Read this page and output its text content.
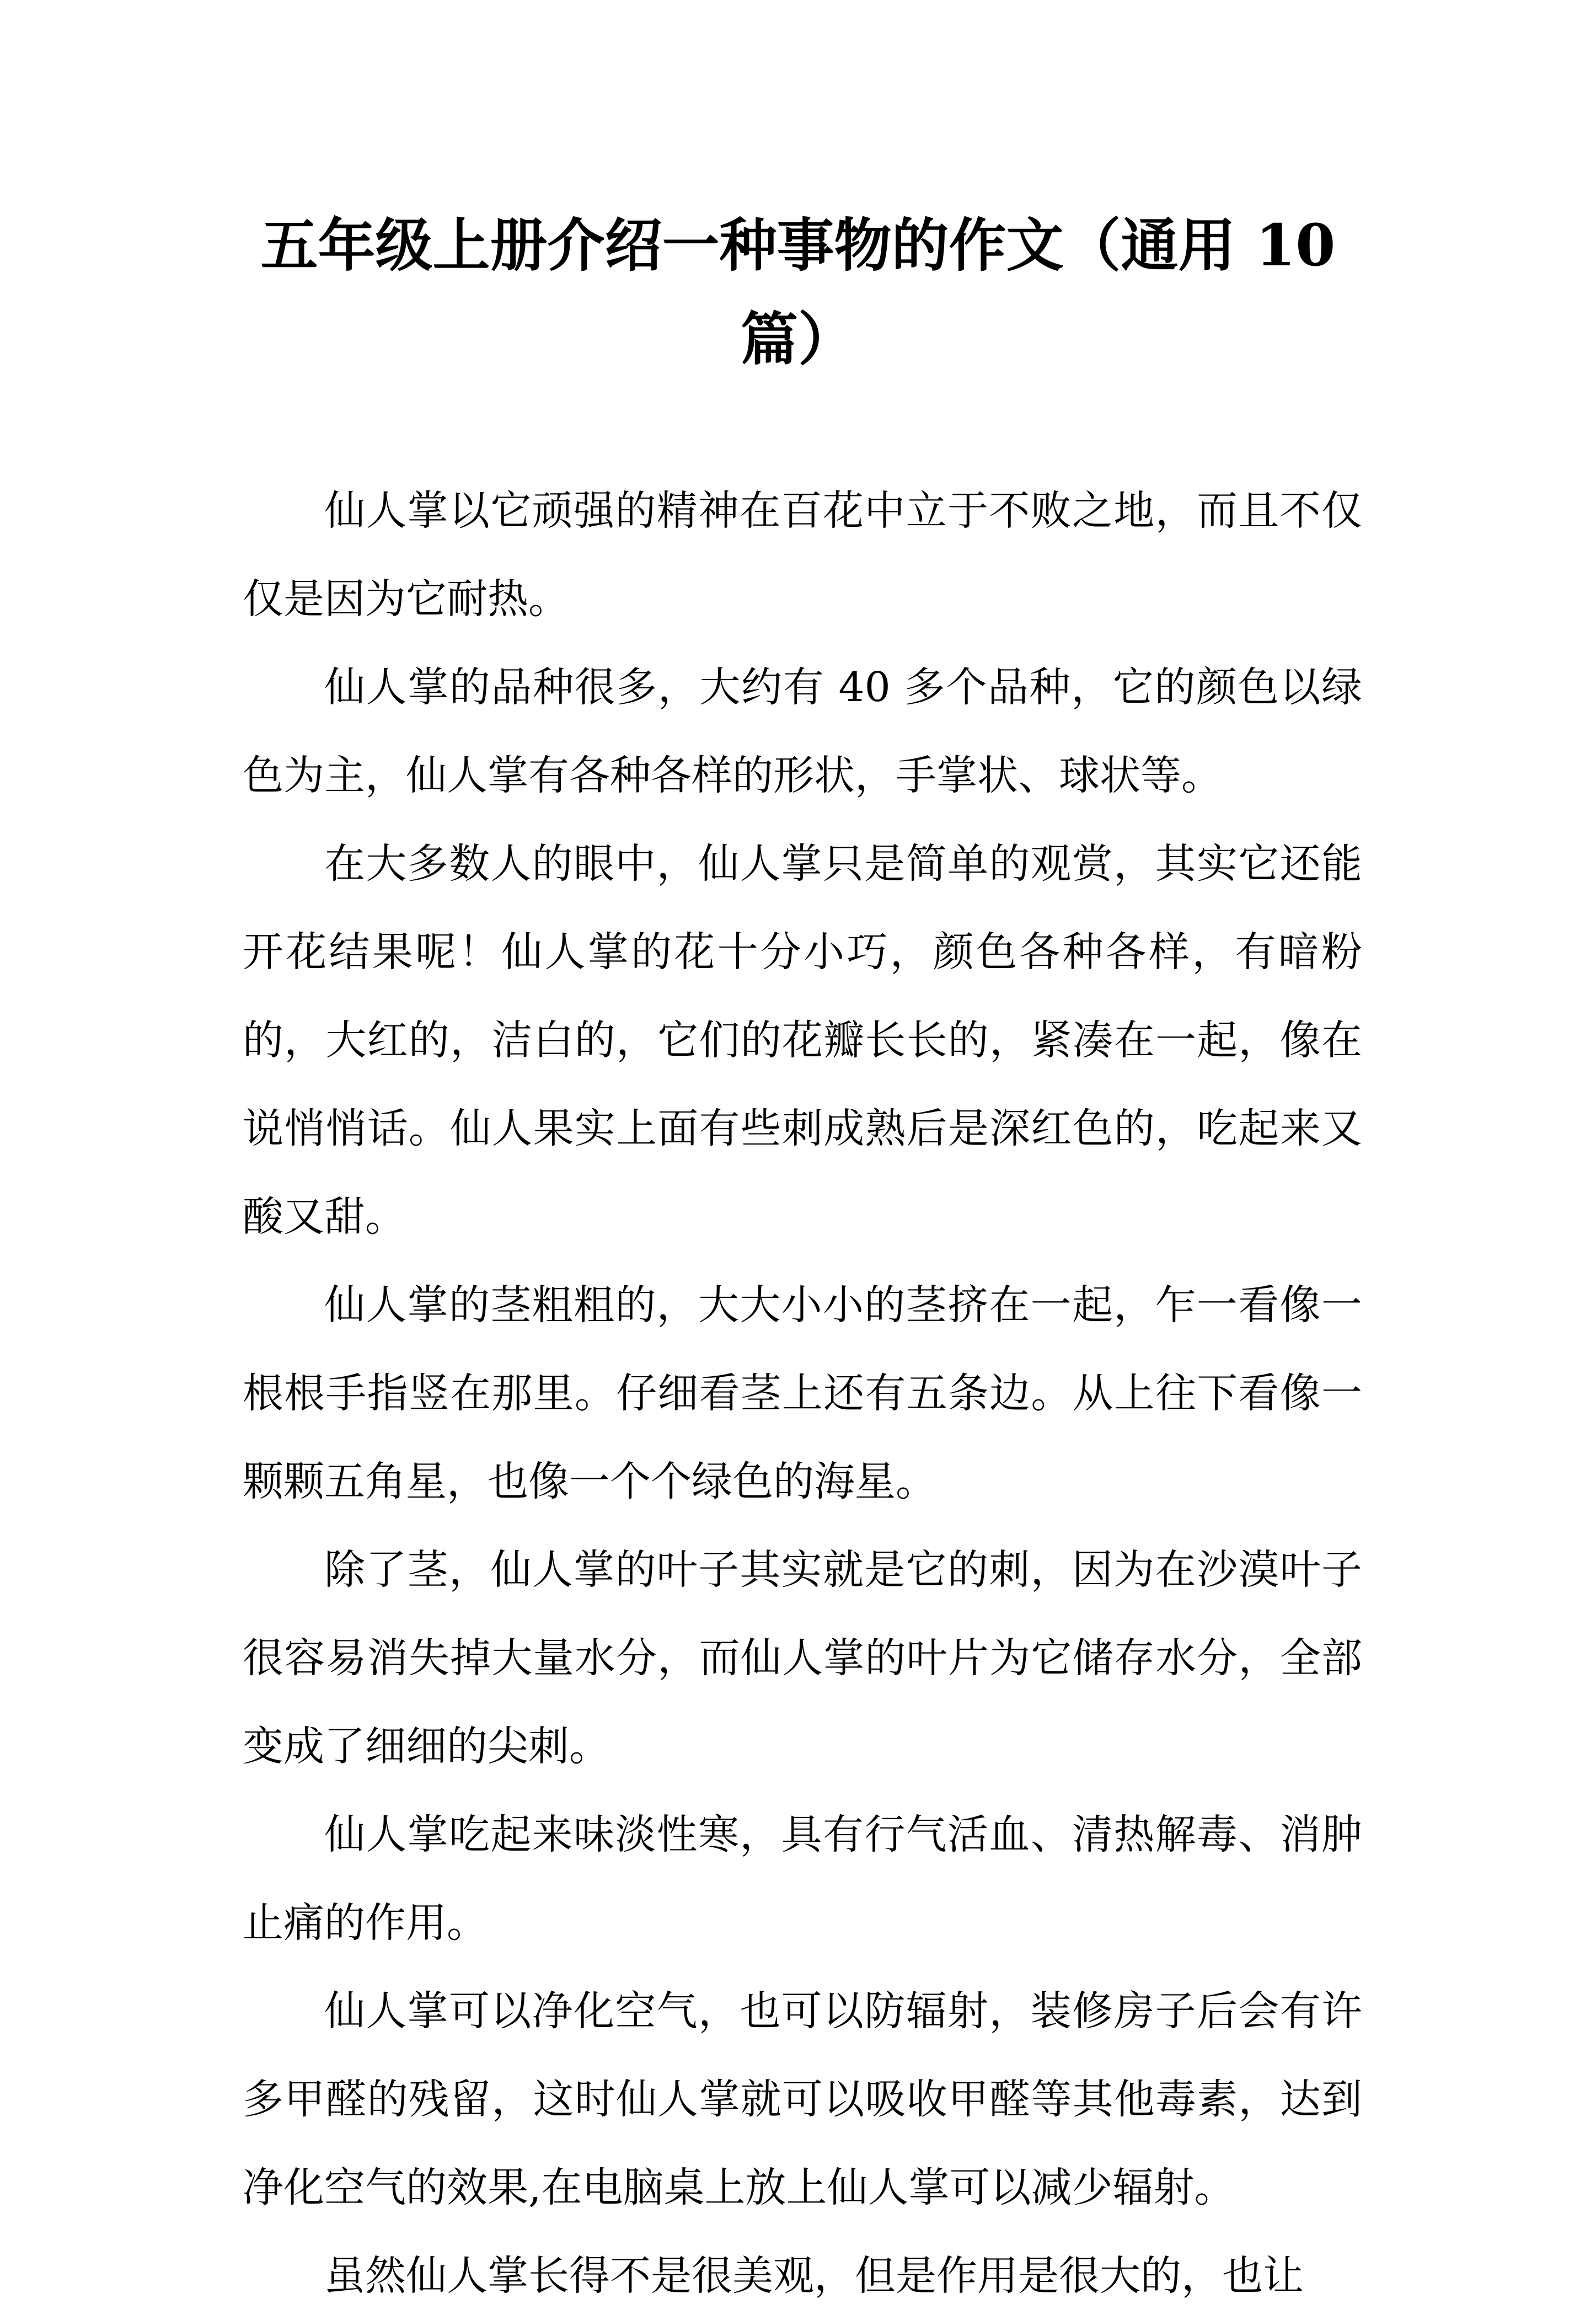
五年级上册介绍一种事物的作文（通用 10 篇）

仙人掌以它顽强的精神在百花中立于不败之地，而且不仅仅是因为它耐热。

仙人掌的品种很多，大约有 40 多个品种，它的颜色以绿色为主，仙人掌有各种各样的形状，手掌状、球状等。

在大多数人的眼中，仙人掌只是简单的观赏，其实它还能开花结果呢！仙人掌的花十分小巧，颜色各种各样，有暗粉的，大红的，洁白的，它们的花瓣长长的，紧凑在一起，像在说悄悄话。仙人果实上面有些刺成熟后是深红色的，吃起来又酸又甜。

仙人掌的茎粗粗的，大大小小的茎挤在一起，乍一看像一根根手指竖在那里。仔细看茎上还有五条边。从上往下看像一颗颗五角星，也像一个个绿色的海星。

除了茎，仙人掌的叶子其实就是它的刺，因为在沙漠叶子很容易消失掉大量水分，而仙人掌的叶片为它储存水分，全部变成了细细的尖刺。

仙人掌吃起来味淡性寒，具有行气活血、清热解毒、消肿止痛的作用。

仙人掌可以净化空气，也可以防辐射，装修房子后会有许多甲醛的残留，这时仙人掌就可以吸收甲醛等其他毒素，达到净化空气的效果,在电脑桌上放上仙人掌可以减少辐射。

虽然仙人掌长得不是很美观，但是作用是很大的，也让
